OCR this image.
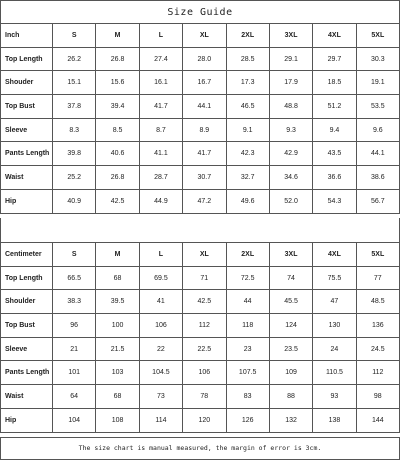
Size Guide
Inch	S	M	L	XL	2XL	3XL	4XL	5XL
Top Length	26.2	26.8	27.4	28.0	28.5	29.1	29.7	30.3
Shouder	15.1	15.6	16.1	16.7	17.3	17.9	18.5	19.1
Top Bust	37.8	39.4	41.7	44.1	46.5	48.8	51.2	53.5
Sleeve	8.3	8.5	8.7	8.9	9.1	9.3	9.4	9.6
Pants Length	39.8	40.6	41.1	41.7	42.3	42.9	43.5	44.1
Waist	25.2	26.8	28.7	30.7	32.7	34.6	36.6	38.6
Hip	40.9	42.5	44.9	47.2	49.6	52.0	54.3	56.7
Centimeter	S	M	L	XL	2XL	3XL	4XL	5XL
Top Length	66.5	68	69.5	71	72.5	74	75.5	77
Shoulder	38.3	39.5	41	42.5	44	45.5	47	48.5
Top Bust	96	100	106	112	118	124	130	136
Sleeve	21	21.5	22	22.5	23	23.5	24	24.5
Pants Length	101	103	104.5	106	107.5	109	110.5	112
Waist	64	68	73	78	83	88	93	98
Hip	104	108	114	120	126	132	138	144
The size chart is manual measured, the margin of error is 3cm.
